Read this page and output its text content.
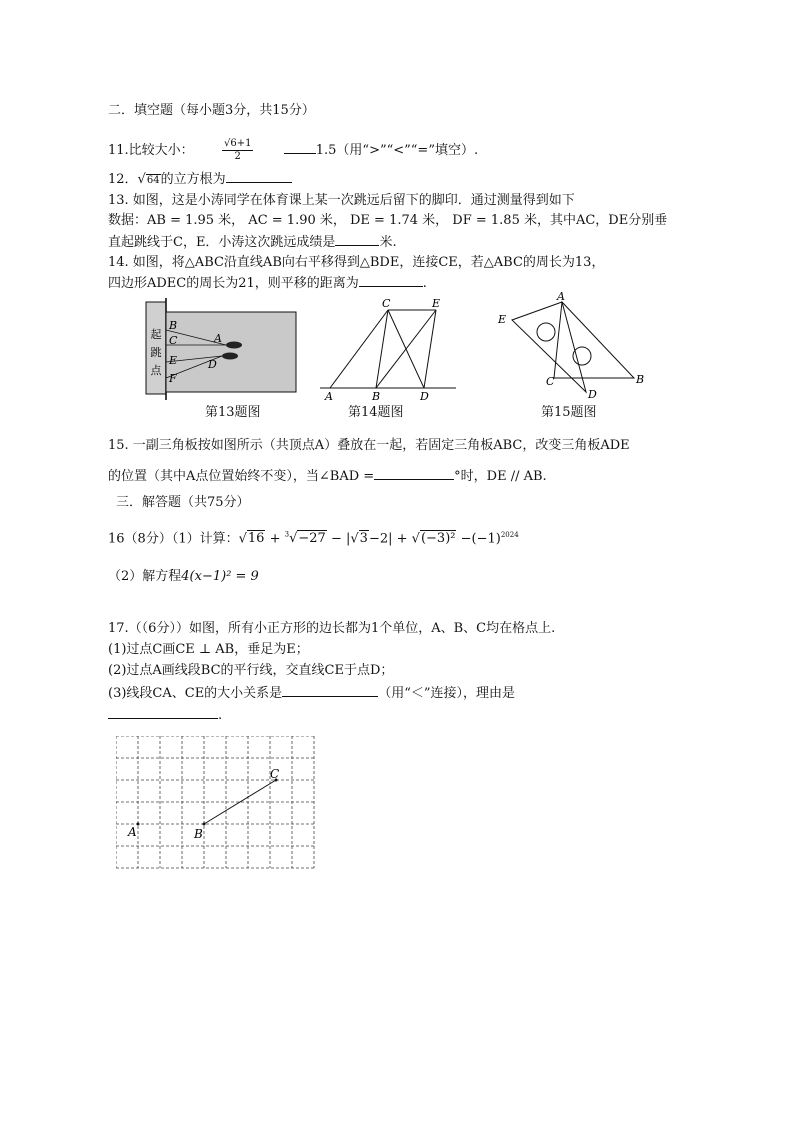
二．填空题（每小题3分，共15分）
11.比较大小：	$\frac{√6+1}{2}$	1.5（用“>”“<”“=”填空）.
12．√64的立方根为
13. 如图，这是小涛同学在体育课上某一次跳远后留下的脚印．通过测量得到如下
数据：AB = 1.95 米， AC = 1.90 米， DE = 1.74 米， DF = 1.85 米，其中AC，DE分别垂
直起跳线于C，E．小涛这次跳远成绩是	米.
14. 如图，将△ABC沿直线AB向右平移得到△BDE，连接CE，若△ABC的周长为13，
四边形ADEC的周长为21，则平移的距离为	.
起
跳
点
B
C	A
E	D
F
第13题图
C	E
A	B	D
第14题图
A
E
C
D
B
第15题图
15. 一副三角板按如图所示（共顶点A）叠放在一起，若固定三角板ABC，改变三角板ADE
的位置（其中A点位置始终不变），当∠BAD =	°时，DE // AB.
三．解答题（共75分）
16（8分）（1）计算：$√16 + ^3√-27 - |√3-2| + √(-3)^2 -(-1)^{2024}$
（2）解方程4(x−1)² = 9
17.（（6分））如图，所有小正方形的边长都为1个单位，A、B、C均在格点上.
(1)过点C画CE ⊥ AB，垂足为E；
(2)过点A画线段BC的平行线，交直线CE于点D；
(3)线段CA、CE的大小关系是	（用“＜”连接），理由是
.
A	B
C
